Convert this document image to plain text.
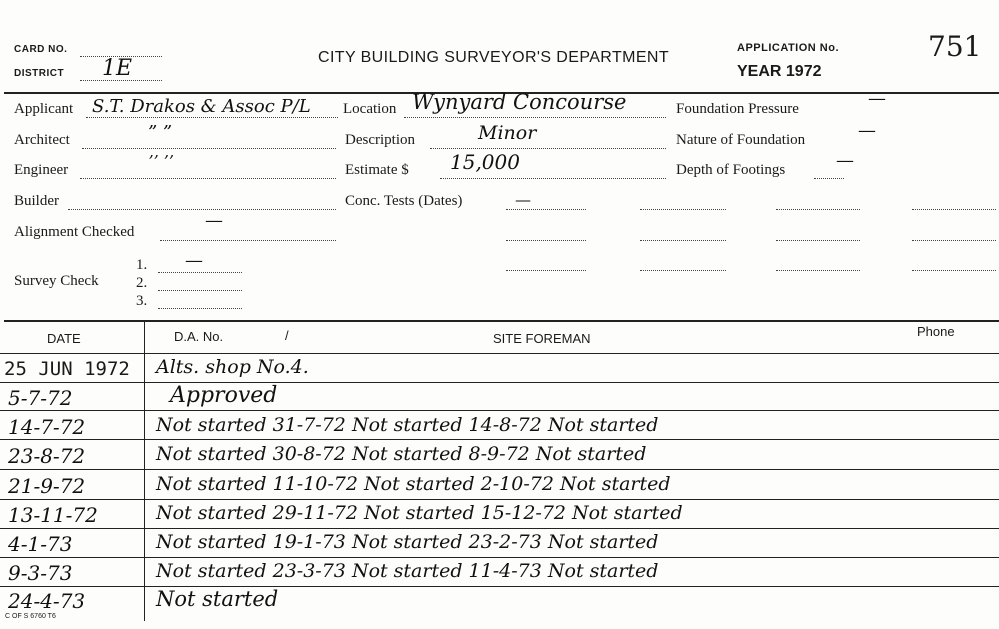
CARD NO.
DISTRICT 1E	CITY BUILDING SURVEYOR'S DEPARTMENT
APPLICATION No.	751
YEAR 1972
Applicant S.T. Drakos & Assoc P/L
Architect	” ”
Engineer	ʼʼ ʼʼ
Builder
Alignment Checked
—
Survey Check
1. —
2.
3.
Location Wynyard Concourse
Description	Minor
Estimate $ 15,000
Conc. Tests (Dates)	—
Foundation Pressure	—
Nature of Foundation	—
Depth of Footings	—
DATE	D.A. No.	/	SITE FOREMAN	Phone
25 JUN 1972 Alts. shop No.4.
5-7-72	Approved
14-7-72	Not started 31-7-72 Not started 14-8-72 Not started
23-8-72	Not started 30-8-72 Not started 8-9-72 Not started
21-9-72	Not started 11-10-72 Not started 2-10-72 Not started
13-11-72	Not started 29-11-72 Not started 15-12-72 Not started
4-1-73	Not started 19-1-73 Not started 23-2-73 Not started
9-3-73	Not started 23-3-73 Not started 11-4-73 Not started
24-4-73	Not started
C OF S 6760 T6
